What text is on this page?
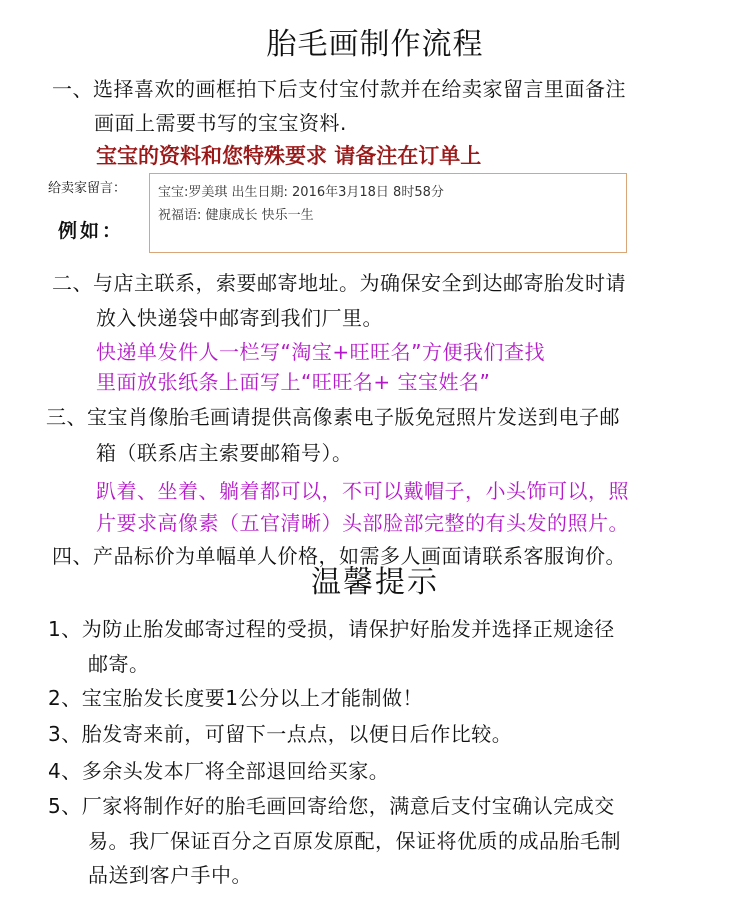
胎毛画制作流程
一、选择喜欢的画框拍下后支付宝付款并在给卖家留言里面备注
画面上需要书写的宝宝资料.
宝宝的资料和您特殊要求 请备注在订单上
给卖家留言：
例如：
宝宝:罗美琪 出生日期: 2016年3月18日 8时58分
祝福语: 健康成长 快乐一生
二、与店主联系，索要邮寄地址。为确保安全到达邮寄胎发时请
放入快递袋中邮寄到我们厂里。
快递单发件人一栏写“淘宝+旺旺名”方便我们查找
里面放张纸条上面写上“旺旺名+ 宝宝姓名”
三、宝宝肖像胎毛画请提供高像素电子版免冠照片发送到电子邮
箱（联系店主索要邮箱号）。
趴着、坐着、躺着都可以，不可以戴帽子，小头饰可以，照
片要求高像素（五官清晰）头部脸部完整的有头发的照片。
四、产品标价为单幅单人价格，如需多人画面请联系客服询价。
温馨提示
1、为防止胎发邮寄过程的受损，请保护好胎发并选择正规途径
邮寄。
2、宝宝胎发长度要1公分以上才能制做！
3、胎发寄来前，可留下一点点，以便日后作比较。
4、多余头发本厂将全部退回给买家。
5、厂家将制作好的胎毛画回寄给您，满意后支付宝确认完成交
易。我厂保证百分之百原发原配，保证将优质的成品胎毛制
品送到客户手中。
